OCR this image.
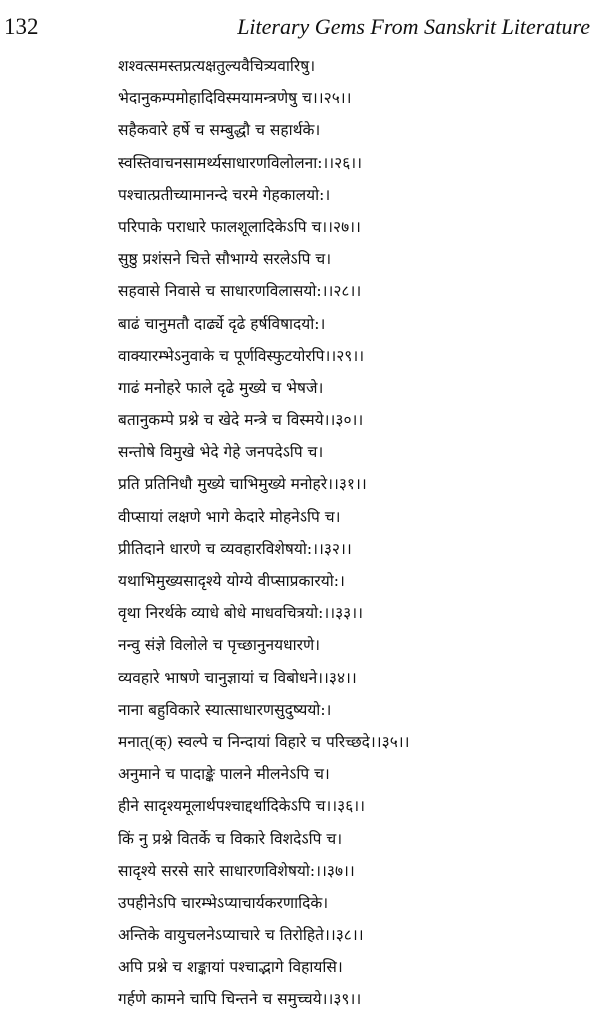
132	Literary Gems From Sanskrit Literature
शश्वत्समस्तप्रत्यक्षतुल्यवैचित्र्यवारिषु।
भेदानुकम्पमोहादिविस्मयामन्त्रणेषु च।।२५।।
सहैकवारे हर्षे च सम्बुद्धौ च सहार्थके।
स्वस्तिवाचनसामर्थ्यसाधारणविलोलना:।।२६।।
पश्चात्प्रतीच्यामानन्दे चरमे गेहकालयो:।
परिपाके पराधारे फालशूलादिकेऽपि च।।२७।।
सुष्ठु प्रशंसने चित्ते सौभाग्ये सरलेऽपि च।
सहवासे निवासे च साधारणविलासयो:।।२८।।
बाढं चानुमतौ दार्ढ्ये दृढे हर्षविषादयो:।
वाक्यारम्भेऽनुवाके च पूर्णविस्फुटयोरपि।।२९।।
गाढं मनोहरे फाले दृढे मुख्ये च भेषजे।
बतानुकम्पे प्रश्ने च खेदे मन्त्रे च विस्मये।।३०।।
सन्तोषे विमुखे भेदे गेहे जनपदेऽपि च।
प्रति प्रतिनिधौ मुख्ये चाभिमुख्ये मनोहरे।।३१।।
वीप्सायां लक्षणे भागे केदारे मोहनेऽपि च।
प्रीतिदाने धारणे च व्यवहारविशेषयो:।।३२।।
यथाभिमुख्यसादृश्ये योग्ये वीप्साप्रकारयो:।
वृथा निरर्थके व्याधे बोधे माधवचित्रयो:।।३३।।
नन्वु संज्ञे विलोले च पृच्छानुनयधारणे।
व्यवहारे भाषणे चानुज्ञायां च विबोधने।।३४।।
नाना बहुविकारे स्यात्साधारणसुदुष्ययो:।
मनात्(क्) स्वल्पे च निन्दायां विहारे च परिच्छदे।।३५।।
अनुमाने च पादाङ्के पालने मीलनेऽपि च।
हीने सादृश्यमूलार्थपश्चाद्दर्थादिकेऽपि च।।३६।।
किं नु प्रश्ने वितर्के च विकारे विशदेऽपि च।
सादृश्ये सरसे सारे साधारणविशेषयो:।।३७।।
उपहीनेऽपि चारम्भेऽप्याचार्यकरणादिके।
अन्तिके वायुचलनेऽप्याचारे च तिरोहिते।।३८।।
अपि प्रश्ने च शङ्कायां पश्चाद्भागे विहायसि।
गर्हणे कामने चापि चिन्तने च समुच्चये।।३९।।
